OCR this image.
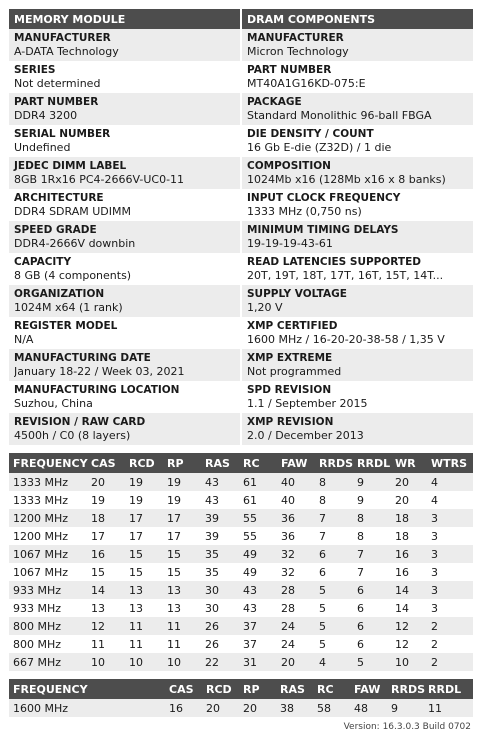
MEMORY MODULE
MANUFACTURER
A-DATA Technology
SERIES
Not determined
PART NUMBER
DDR4 3200
SERIAL NUMBER
Undefined
JEDEC DIMM LABEL
8GB 1Rx16 PC4-2666V-UC0-11
ARCHITECTURE
DDR4 SDRAM UDIMM
SPEED GRADE
DDR4-2666V downbin
CAPACITY
8 GB (4 components)
ORGANIZATION
1024M x64 (1 rank)
REGISTER MODEL
N/A
MANUFACTURING DATE
January 18-22 / Week 03, 2021
MANUFACTURING LOCATION
Suzhou, China
REVISION / RAW CARD
4500h / C0 (8 layers)
DRAM COMPONENTS
MANUFACTURER
Micron Technology
PART NUMBER
MT40A1G16KD-075:E
PACKAGE
Standard Monolithic 96-ball FBGA
DIE DENSITY / COUNT
16 Gb E-die (Z32D) / 1 die
COMPOSITION
1024Mb x16 (128Mb x16 x 8 banks)
INPUT CLOCK FREQUENCY
1333 MHz (0,750 ns)
MINIMUM TIMING DELAYS
19-19-19-43-61
READ LATENCIES SUPPORTED
20T, 19T, 18T, 17T, 16T, 15T, 14T...
SUPPLY VOLTAGE
1,20 V
XMP CERTIFIED
1600 MHz / 16-20-20-38-58 / 1,35 V
XMP EXTREME
Not programmed
SPD REVISION
1.1 / September 2015
XMP REVISION
2.0 / December 2013
FREQUENCY	CAS	RCD	RP	RAS	RC	FAW	RRDS	RRDL	WR	WTRS
1333 MHz	20	19	19	43	61	40	8	9	20	4
1333 MHz	19	19	19	43	61	40	8	9	20	4
1200 MHz	18	17	17	39	55	36	7	8	18	3
1200 MHz	17	17	17	39	55	36	7	8	18	3
1067 MHz	16	15	15	35	49	32	6	7	16	3
1067 MHz	15	15	15	35	49	32	6	7	16	3
933 MHz	14	13	13	30	43	28	5	6	14	3
933 MHz	13	13	13	30	43	28	5	6	14	3
800 MHz	12	11	11	26	37	24	5	6	12	2
800 MHz	11	11	11	26	37	24	5	6	12	2
667 MHz	10	10	10	22	31	20	4	5	10	2
FREQUENCY	CAS	RCD	RP	RAS	RC	FAW	RRDS	RRDL
1600 MHz	16	20	20	38	58	48	9	11
Version: 16.3.0.3 Build 0702
